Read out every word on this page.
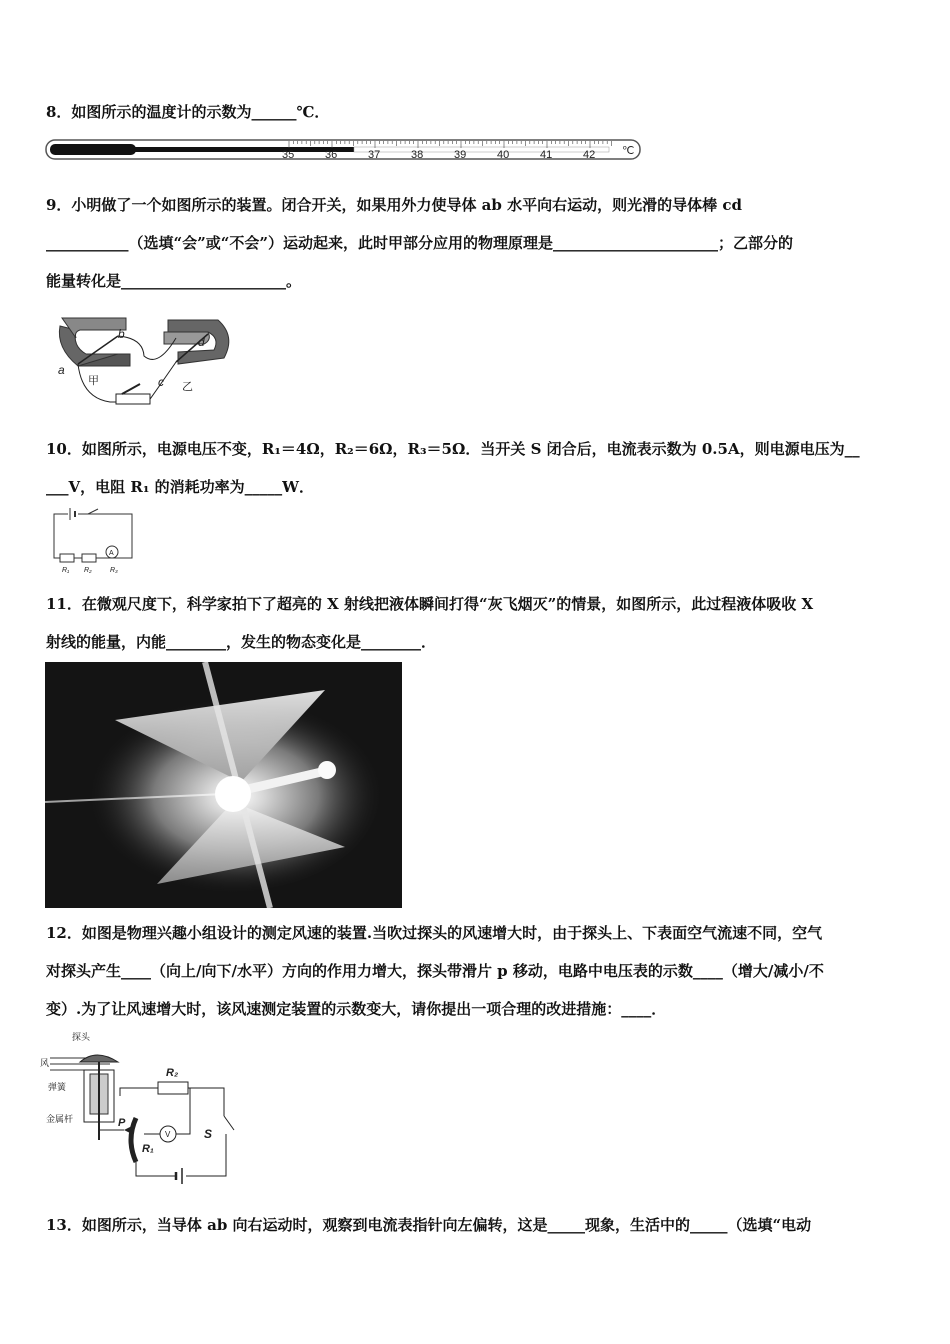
8．如图所示的温度计的示数为______℃．
35	36	37	38	39	40	41	42 ℃
9．小明做了一个如图所示的装置。闭合开关，如果用外力使导体 ab 水平向右运动，则光滑的导体棒 cd
___________（选填“会”或“不会”）运动起来，此时甲部分应用的物理原理是______________________；乙部分的
能量转化是______________________。
a
b
c
d
甲	乙
10．如图所示，电源电压不变，R₁＝4Ω，R₂＝6Ω，R₃＝5Ω．当开关 S 闭合后，电流表示数为 0.5A，则电源电压为__
___V，电阻 R₁ 的消耗功率为_____W．
A
R₁ R₂	R₃
11．在微观尺度下，科学家拍下了超亮的 X 射线把液体瞬间打得“灰飞烟灭”的情景，如图所示，此过程液体吸收 X
射线的能量，内能________，发生的物态变化是________．
12．如图是物理兴趣小组设计的测定风速的装置.当吹过探头的风速增大时，由于探头上、下表面空气流速不同，空气
对探头产生____（向上/向下/水平）方向的作用力增大，探头带滑片 p 移动，电路中电压表的示数____（增大/减小/不
变）.为了让风速增大时，该风速测定装置的示数变大，请你提出一项合理的改进措施：____．
探头
风
弹簧
金属杆	P
R₁
R₂
S
V
13．如图所示，当导体 ab 向右运动时，观察到电流表指针向左偏转，这是_____现象，生活中的_____（选填“电动
